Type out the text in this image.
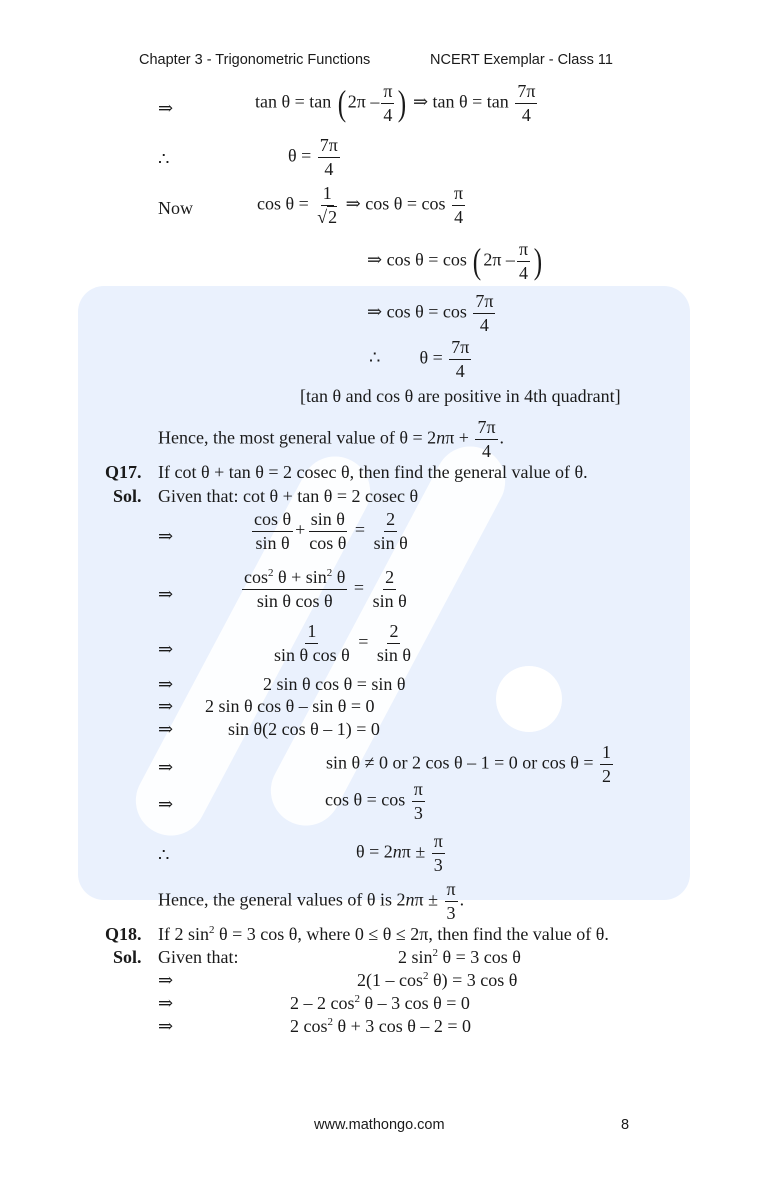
Chapter 3 - Trigonometric Functions	NCERT Exemplar - Class 11
⇒	$\tan \theta = \tan (2\pi - \frac{\pi}{4}$ ) ⇒ $\tan \theta = \tan \frac{7\pi}{4}$
∴	$\theta = \frac{7\pi}{4}$
Now	$\cos \theta = \frac{1}{√2}$ ⇒ $\cos \theta = \cos \frac{\pi}{4}$
⇒ $\cos \theta = \cos (2\pi - \frac{\pi}{4}$ )
⇒ $\cos \theta = \cos \frac{7\pi}{4}$
∴ $\theta = \frac{7\pi}{4}$
[tan θ and cos θ are positive in 4th quadrant]
Hence, the most general value of $\theta = 2n\pi + \frac{7\pi}{4}$ .
Q17. If cot θ + tan θ = 2 cosec θ, then find the general value of θ.
Sol. Given that: cot θ + tan θ = 2 cosec θ
⇒	$\frac{\text{cos θ}}{\text{sin θ}} + \frac{\text{sin θ}}{\text{cos θ}} = \frac{2}{\text{sin θ}}$
⇒	$\frac{\cos^2 \theta + \sin^2 \theta}{\text{sin θ cos θ}} = \frac{2}{\text{sin θ}}$
⇒	$\frac{1}{\text{sin θ cos θ}} = \frac{2}{\text{sin θ}}$
⇒	2 sin θ cos θ = sin θ
⇒ 2 sin θ cos θ – sin θ = 0
⇒	sin θ(2 cos θ – 1) = 0
⇒	sin θ ≠ 0 or 2 cos θ – 1 = 0 or $\cos \theta = \frac{1}{2}$
⇒	$\cos \theta = \cos \frac{\pi}{3}$
∴	$\theta = 2n\pi \pm \frac{\pi}{3}$
Hence, the general values of θ is $2n\pi \pm \frac{\pi}{3}$ .
Q18. If 2 $\sin^2 \theta = 3$ cos θ, where 0 ≤ θ ≤ 2π, then find the value of θ.
Sol. Given that:	2 $\sin^2 \theta = 3$ cos θ
⇒	$2(1 - \cos^2 \theta) = 3$ cos θ
⇒	2 – 2 $\cos^2 \theta - 3$ cos θ = 0
⇒	2 $\cos^2 \theta + 3$ cos θ – 2 = 0
www.mathongo.com	8
